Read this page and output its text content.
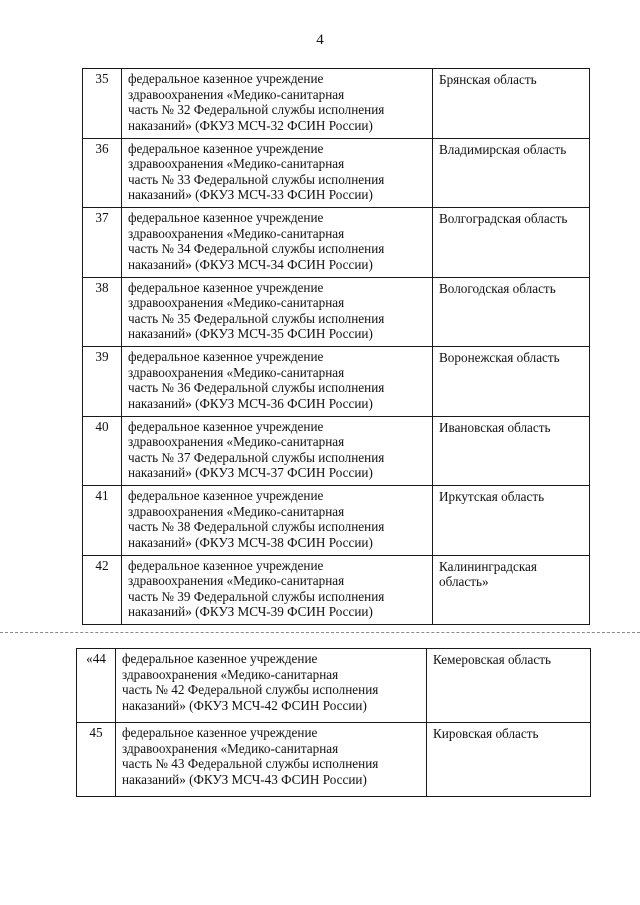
4
35	федеральное казенное учреждение
здравоохранения «Медико-санитарная
часть № 32 Федеральной службы исполнения
наказаний» (ФКУЗ МСЧ-32 ФСИН России)	Брянская область
36	федеральное казенное учреждение
здравоохранения «Медико-санитарная
часть № 33 Федеральной службы исполнения
наказаний» (ФКУЗ МСЧ-33 ФСИН России)	Владимирская область
37	федеральное казенное учреждение
здравоохранения «Медико-санитарная
часть № 34 Федеральной службы исполнения
наказаний» (ФКУЗ МСЧ-34 ФСИН России)	Волгоградская область
38	федеральное казенное учреждение
здравоохранения «Медико-санитарная
часть № 35 Федеральной службы исполнения
наказаний» (ФКУЗ МСЧ-35 ФСИН России)	Вологодская область
39	федеральное казенное учреждение
здравоохранения «Медико-санитарная
часть № 36 Федеральной службы исполнения
наказаний» (ФКУЗ МСЧ-36 ФСИН России)	Воронежская область
40	федеральное казенное учреждение
здравоохранения «Медико-санитарная
часть № 37 Федеральной службы исполнения
наказаний» (ФКУЗ МСЧ-37 ФСИН России)	Ивановская область
41	федеральное казенное учреждение
здравоохранения «Медико-санитарная
часть № 38 Федеральной службы исполнения
наказаний» (ФКУЗ МСЧ-38 ФСИН России)	Иркутская область
42	федеральное казенное учреждение
здравоохранения «Медико-санитарная
часть № 39 Федеральной службы исполнения
наказаний» (ФКУЗ МСЧ-39 ФСИН России)	Калининградская область»
«44	федеральное казенное учреждение
здравоохранения «Медико-санитарная
часть № 42 Федеральной службы исполнения
наказаний» (ФКУЗ МСЧ-42 ФСИН России)	Кемеровская область
45	федеральное казенное учреждение
здравоохранения «Медико-санитарная
часть № 43 Федеральной службы исполнения
наказаний» (ФКУЗ МСЧ-43 ФСИН России)	Кировская область
